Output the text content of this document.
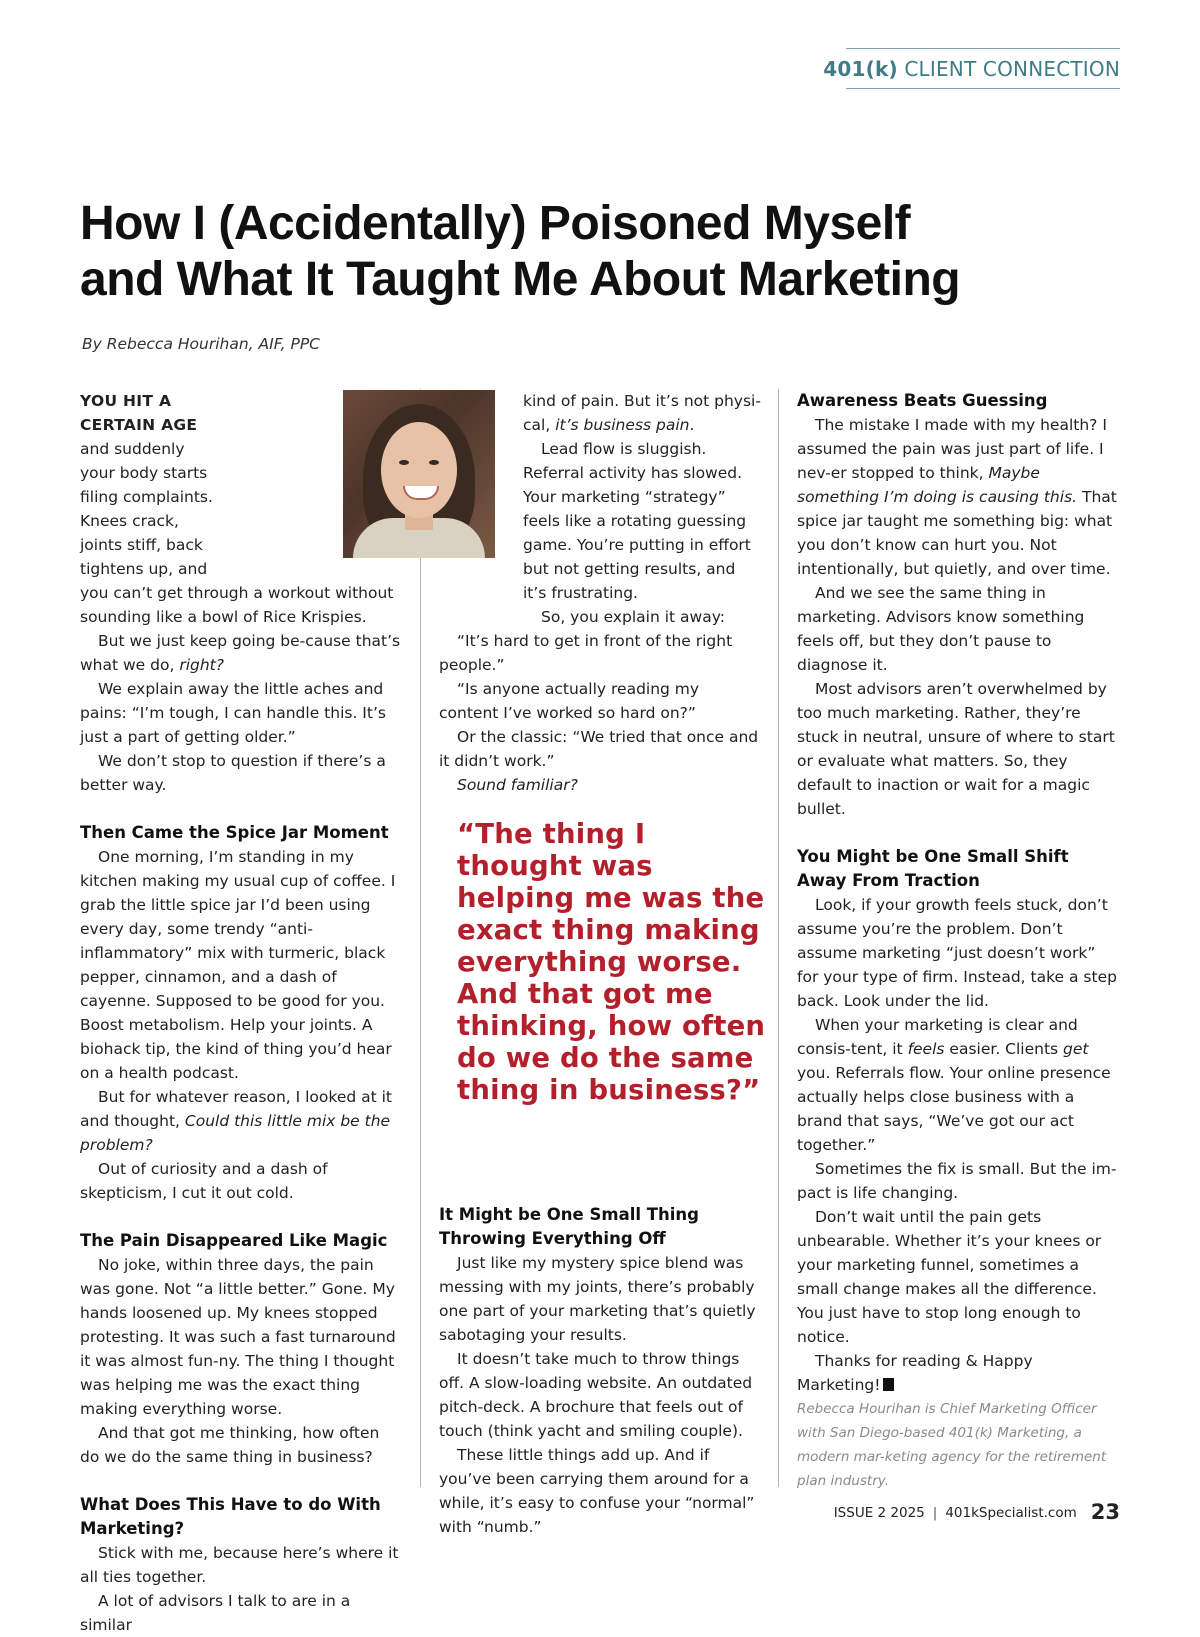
401(k) CLIENT CONNECTION
How I (Accidentally) Poisoned Myself
and What It Taught Me About Marketing
By Rebecca Hourihan, AIF, PPC

YOU HIT A CERTAIN AGE and suddenly your body starts filing complaints. Knees crack, joints stiff, back tightens up, and you can’t get through a workout without sounding like a bowl of Rice Krispies.

But we just keep going be-cause that’s what we do, right?

We explain away the little aches and pains: “I’m tough, I can handle this. It’s just a part of getting older.”

We don’t stop to question if there’s a better way.

Then Came the Spice Jar Moment

One morning, I’m standing in my kitchen making my usual cup of coffee. I grab the little spice jar I’d been using every day, some trendy “anti-inflammatory” mix with turmeric, black pepper, cinnamon, and a dash of cayenne. Supposed to be good for you. Boost metabolism. Help your joints. A biohack tip, the kind of thing you’d hear on a health podcast.

But for whatever reason, I looked at it and thought, Could this little mix be the problem?

Out of curiosity and a dash of skepticism, I cut it out cold.

The Pain Disappeared Like Magic

No joke, within three days, the pain was gone. Not “a little better.” Gone. My hands loosened up. My knees stopped protesting. It was such a fast turnaround it was almost fun-ny. The thing I thought was helping me was the exact thing making everything worse.

And that got me thinking, how often do we do the same thing in business?

What Does This Have to do With Marketing?

Stick with me, because here’s where it all ties together.

A lot of advisors I talk to are in a similar

kind of pain. But it’s not physi-cal, it’s business pain.

Lead flow is sluggish. Referral activity has slowed. Your marketing “strategy” feels like a rotating guessing game. You’re putting in effort but not getting results, and it’s frustrating.

So, you explain it away:

“It’s hard to get in front of the right people.”

“Is anyone actually reading my content I’ve worked so hard on?”

Or the classic: “We tried that once and it didn’t work.”

Sound familiar?

It Might be One Small Thing Throwing Everything Off

Just like my mystery spice blend was messing with my joints, there’s probably one part of your marketing that’s quietly sabotaging your results.

It doesn’t take much to throw things off. A slow-loading website. An outdated pitch-deck. A brochure that feels out of touch (think yacht and smiling couple).

These little things add up. And if you’ve been carrying them around for a while, it’s easy to confuse your “normal” with “numb.”

“The thing I thought was helping me was the exact thing making everything worse. And that got me thinking, how often do we do the same thing in business?”

Awareness Beats Guessing

The mistake I made with my health? I assumed the pain was just part of life. I nev-er stopped to think, Maybe something I’m doing is causing this. That spice jar taught me something big: what you don’t know can hurt you. Not intentionally, but quietly, and over time.

And we see the same thing in marketing. Advisors know something feels off, but they don’t pause to diagnose it.

Most advisors aren’t overwhelmed by too much marketing. Rather, they’re stuck in neutral, unsure of where to start or evaluate what matters. So, they default to inaction or wait for a magic bullet.

You Might be One Small Shift Away From Traction

Look, if your growth feels stuck, don’t assume you’re the problem. Don’t assume marketing “just doesn’t work” for your type of firm. Instead, take a step back. Look under the lid.

When your marketing is clear and consis-tent, it feels easier. Clients get you. Referrals flow. Your online presence actually helps close business with a brand that says, “We’ve got our act together.”

Sometimes the fix is small. But the im-pact is life changing.

Don’t wait until the pain gets unbearable. Whether it’s your knees or your marketing funnel, sometimes a small change makes all the difference. You just have to stop long enough to notice.

Thanks for reading & Happy Marketing!

Rebecca Hourihan is Chief Marketing Officer with San Diego-based 401(k) Marketing, a modern mar-keting agency for the retirement plan industry.

ISSUE 2 2025 | 401kSpecialist.com 23
